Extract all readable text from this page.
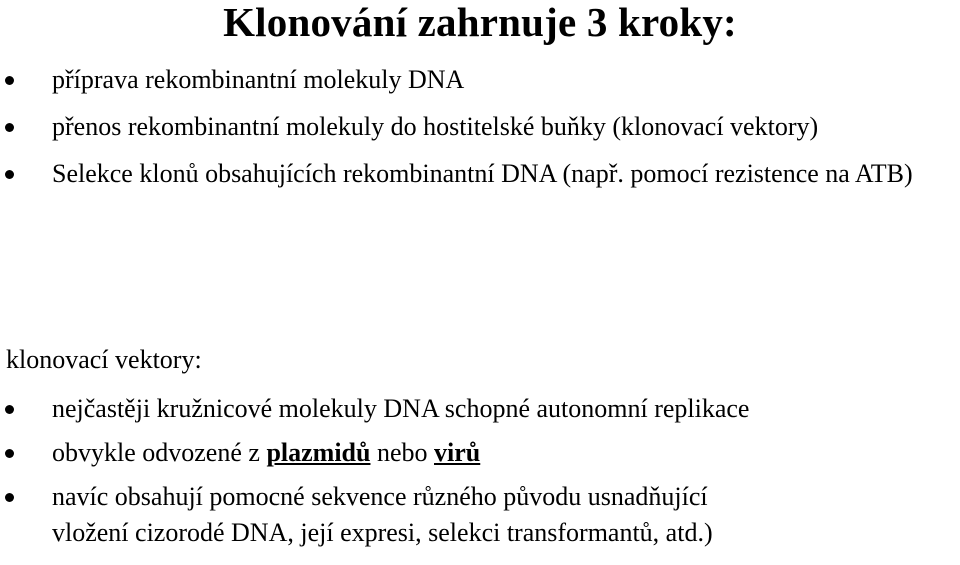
Klonování zahrnuje 3 kroky:
příprava rekombinantní molekuly DNA
přenos rekombinantní molekuly do hostitelské buňky (klonovací vektory)
Selekce klonů obsahujících rekombinantní DNA (např. pomocí rezistence na ATB)
klonovací vektory:
nejčastěji kružnicové molekuly DNA schopné autonomní replikace
obvykle odvozené z plazmidů nebo virů
navíc obsahují pomocné sekvence různého původu usnadňující
vložení cizorodé DNA, její expresi, selekci transformantů, atd.)
